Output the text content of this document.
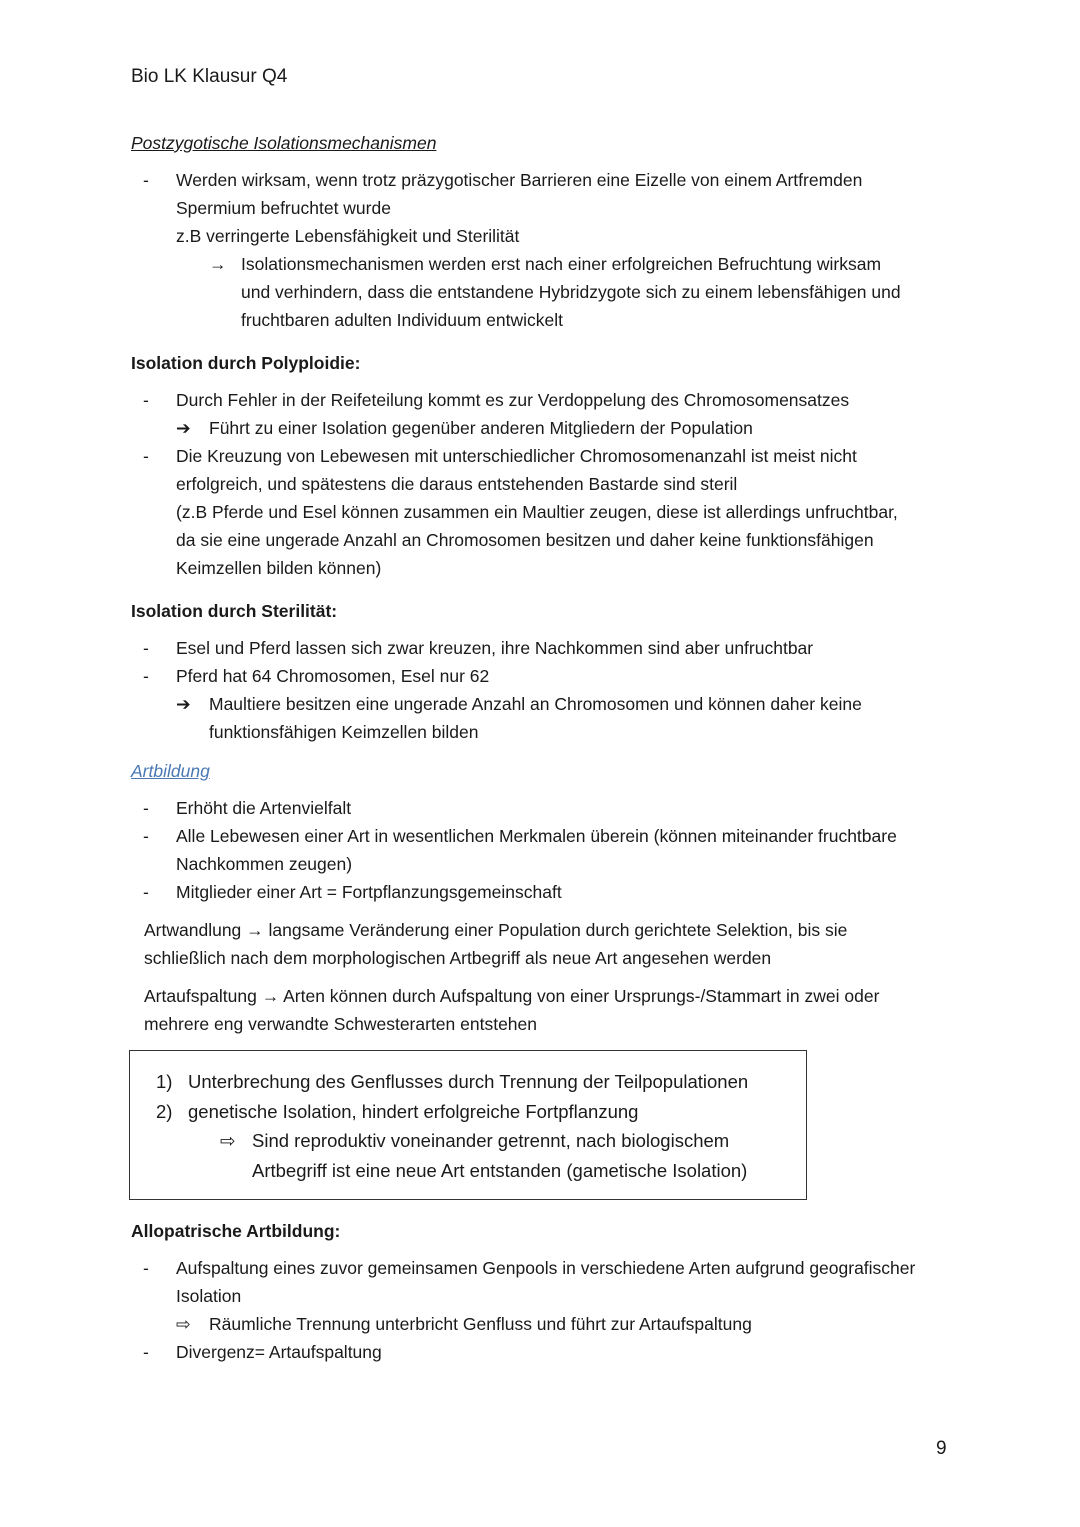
Bio LK Klausur Q4
Postzygotische Isolationsmechanismen
- Werden wirksam, wenn trotz präzygotischer Barrieren eine Eizelle von einem Artfremden
Spermium befruchtet wurde
z.B verringerte Lebensfähigkeit und Sterilität
→ Isolationsmechanismen werden erst nach einer erfolgreichen Befruchtung wirksam
und verhindern, dass die entstandene Hybridzygote sich zu einem lebensfähigen und
fruchtbaren adulten Individuum entwickelt
Isolation durch Polyploidie:
- Durch Fehler in der Reifeteilung kommt es zur Verdoppelung des Chromosomensatzes
➔ Führt zu einer Isolation gegenüber anderen Mitgliedern der Population
- Die Kreuzung von Lebewesen mit unterschiedlicher Chromosomenanzahl ist meist nicht
erfolgreich, und spätestens die daraus entstehenden Bastarde sind steril
(z.B Pferde und Esel können zusammen ein Maultier zeugen, diese ist allerdings unfruchtbar,
da sie eine ungerade Anzahl an Chromosomen besitzen und daher keine funktionsfähigen
Keimzellen bilden können)
Isolation durch Sterilität:
- Esel und Pferd lassen sich zwar kreuzen, ihre Nachkommen sind aber unfruchtbar
- Pferd hat 64 Chromosomen, Esel nur 62
➔ Maultiere besitzen eine ungerade Anzahl an Chromosomen und können daher keine
funktionsfähigen Keimzellen bilden
Artbildung
- Erhöht die Artenvielfalt
- Alle Lebewesen einer Art in wesentlichen Merkmalen überein (können miteinander fruchtbare
Nachkommen zeugen)
- Mitglieder einer Art = Fortpflanzungsgemeinschaft
Artwandlung → langsame Veränderung einer Population durch gerichtete Selektion, bis sie
schließlich nach dem morphologischen Artbegriff als neue Art angesehen werden
Artaufspaltung → Arten können durch Aufspaltung von einer Ursprungs-/Stammart in zwei oder
mehrere eng verwandte Schwesterarten entstehen
1) Unterbrechung des Genflusses durch Trennung der Teilpopulationen
2) genetische Isolation, hindert erfolgreiche Fortpflanzung
⇨ Sind reproduktiv voneinander getrennt, nach biologischem
Artbegriff ist eine neue Art entstanden (gametische Isolation)
Allopatrische Artbildung:
- Aufspaltung eines zuvor gemeinsamen Genpools in verschiedene Arten aufgrund geografischer
Isolation
⇨ Räumliche Trennung unterbricht Genfluss und führt zur Artaufspaltung
- Divergenz= Artaufspaltung
9
